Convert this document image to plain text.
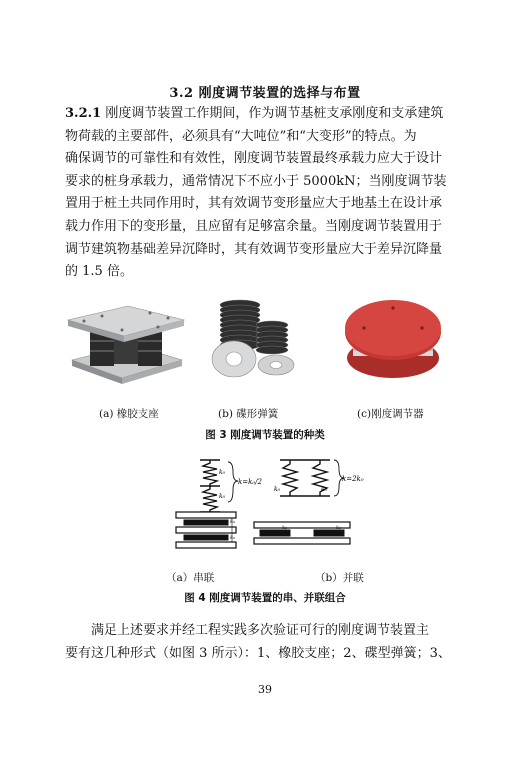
3.2 刚度调节装置的选择与布置
3.2.1 刚度调节装置工作期间，作为调节基桩支承刚度和支承建筑
物荷载的主要部件，必须具有“大吨位”和“大变形”的特点。为
确保调节的可靠性和有效性，刚度调节装置最终承载力应大于设计
要求的桩身承载力，通常情况下不应小于 5000kN；当刚度调节装
置用于桩土共同作用时，其有效调节变形量应大于地基土在设计承
载力作用下的变形量，且应留有足够富余量。当刚度调节装置用于
调节建筑物基础差异沉降时，其有效调节变形量应大于差异沉降量
的 1.5 倍。
(a) 橡胶支座	(b) 碟形弹簧	(c)刚度调节器
图 3 刚度调节装置的种类
k₀
k₀
k=k₀/2
k₀	k₀
k=2k₀
k₀
k₀
k₀	k₀
（a）串联	（b）并联
图 4 刚度调节装置的串、并联组合
满足上述要求并经工程实践多次验证可行的刚度调节装置主
要有这几种形式（如图 3 所示）：1、橡胶支座；2、碟型弹簧；3、
39
